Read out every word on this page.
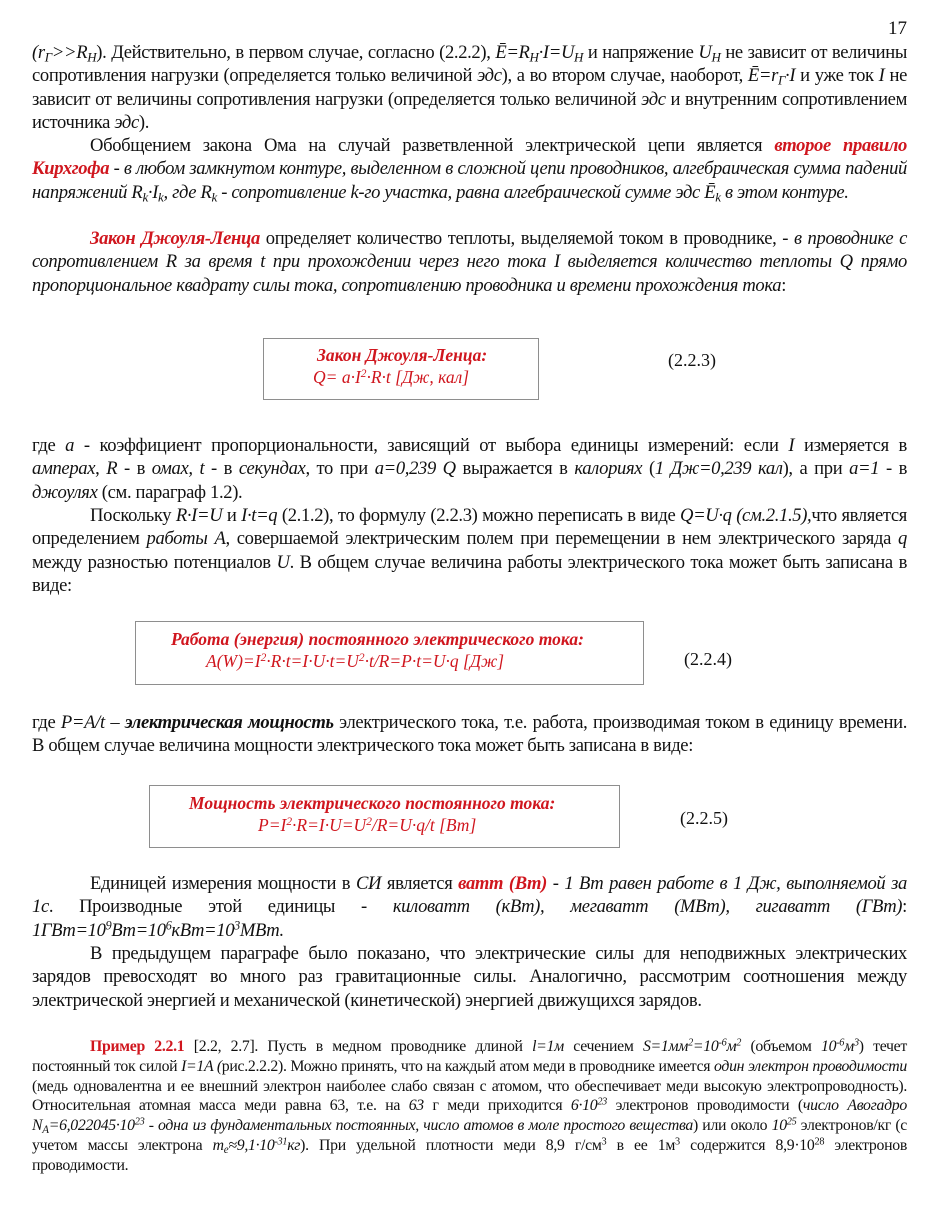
17
$(r_Г>>R_Н)$. Действительно, в первом случае, согласно (2.2.2), $Ē=R_Н\cdot I=U_Н$ и напряжение $U_Н$ не зависит от величины сопротивления нагрузки (определяется только величиной эдс), а во втором случае, наоборот, $Ē=r_Г\cdot I$ и уже ток I не зависит от величины сопротивления нагрузки (определяется только величиной эдс и внутренним сопротивлением источника эдс).
Обобщением закона Ома на случай разветвленной электрической цепи является второе правило Кирхгофа - в любом замкнутом контуре, выделенном в сложной цепи проводников, алгебраическая сумма падений напряжений $R_k\cdot I_k$, где $R_k$ - сопротивление k-го участка, равна алгебраической сумме эдс $Ē_k$ в этом контуре.
Закон Джоуля-Ленца определяет количество теплоты, выделяемой током в проводнике, - в проводнике с сопротивлением R за время t при прохождении через него тока I выделяется количество теплоты Q прямо пропорциональное квадрату силы тока, сопротивлению проводника и времени прохождения тока:
Закон Джоуля-Ленца:
$Q= a\cdot I^2\cdot R\cdot t$ [Дж, кал]
(2.2.3)
где a - коэффициент пропорциональности, зависящий от выбора единицы измерений: если I измеряется в амперах, R - в омах, t - в секундах, то при a=0,239 Q выражается в калориях (1 Дж=0,239 кал), а при a=1 - в джоулях (см. параграф 1.2).
Поскольку R·I=U и I·t=q (2.1.2), то формулу (2.2.3) можно переписать в виде Q=U·q (см.2.1.5),что является определением работы A, совершаемой электрическим полем при перемещении в нем электрического заряда q между разностью потенциалов U. В общем случае величина работы электрического тока может быть записана в виде:
Работа (энергия) постоянного электрического тока:
$A(W)=I^2\cdot R\cdot t=I\cdot U\cdot t=U^2\cdot t/R=P\cdot t=U\cdot q$ [Дж]	(2.2.4)
где P=A/t – электрическая мощность электрического тока, т.е. работа, производимая током в единицу времени. В общем случае величина мощности электрического тока может быть записана в виде:
Мощность электрического постоянного тока:
$P=I^2\cdot R=I\cdot U=U^2/R=U\cdot q/t$ [Вт]	(2.2.5)
Единицей измерения мощности в СИ является ватт (Вт) - 1 Вт равен работе в 1 Дж, выполняемой за 1с. Производные этой единицы - киловатт (кВт), мегаватт (МВт), гигаватт (ГВт): $1ГВт=10^9Вт=10^6кВт=10^3МВт$.
В предыдущем параграфе было показано, что электрические силы для неподвижных электрических зарядов превосходят во много раз гравитационные силы. Аналогично, рассмотрим соотношения между электрической энергией и механической (кинетической) энергией движущихся зарядов.
Пример 2.2.1 [2.2, 2.7]. Пусть в медном проводнике длиной l=1м сечением $S=1мм^2=10^{-6}м^2$ (объемом $10^{-6}м^3$) течет постоянный ток силой I=1A (рис.2.2.2). Можно принять, что на каждый атом меди в проводнике имеется один электрон проводимости (медь одновалентна и ее внешний электрон наиболее слабо связан с атомом, что обеспечивает меди высокую электропроводность). Относительная атомная масса меди равна 63, т.е. на 63 г меди приходится $6\cdot 10^{23}$ электронов проводимости (число Авогадро $N_A=6,022045\cdot 10^{23}$ - одна из фундаментальных постоянных, число атомов в моле простого вещества) или около $10^{25}$ электронов/кг (с учетом массы электрона $m_e\approx 9,1\cdot 10^{-31}кг$). При удельной плотности меди 8,9 $г/см^3$ в ее $1м^3$ содержится $8,9\cdot 10^{28}$ электронов проводимости.
